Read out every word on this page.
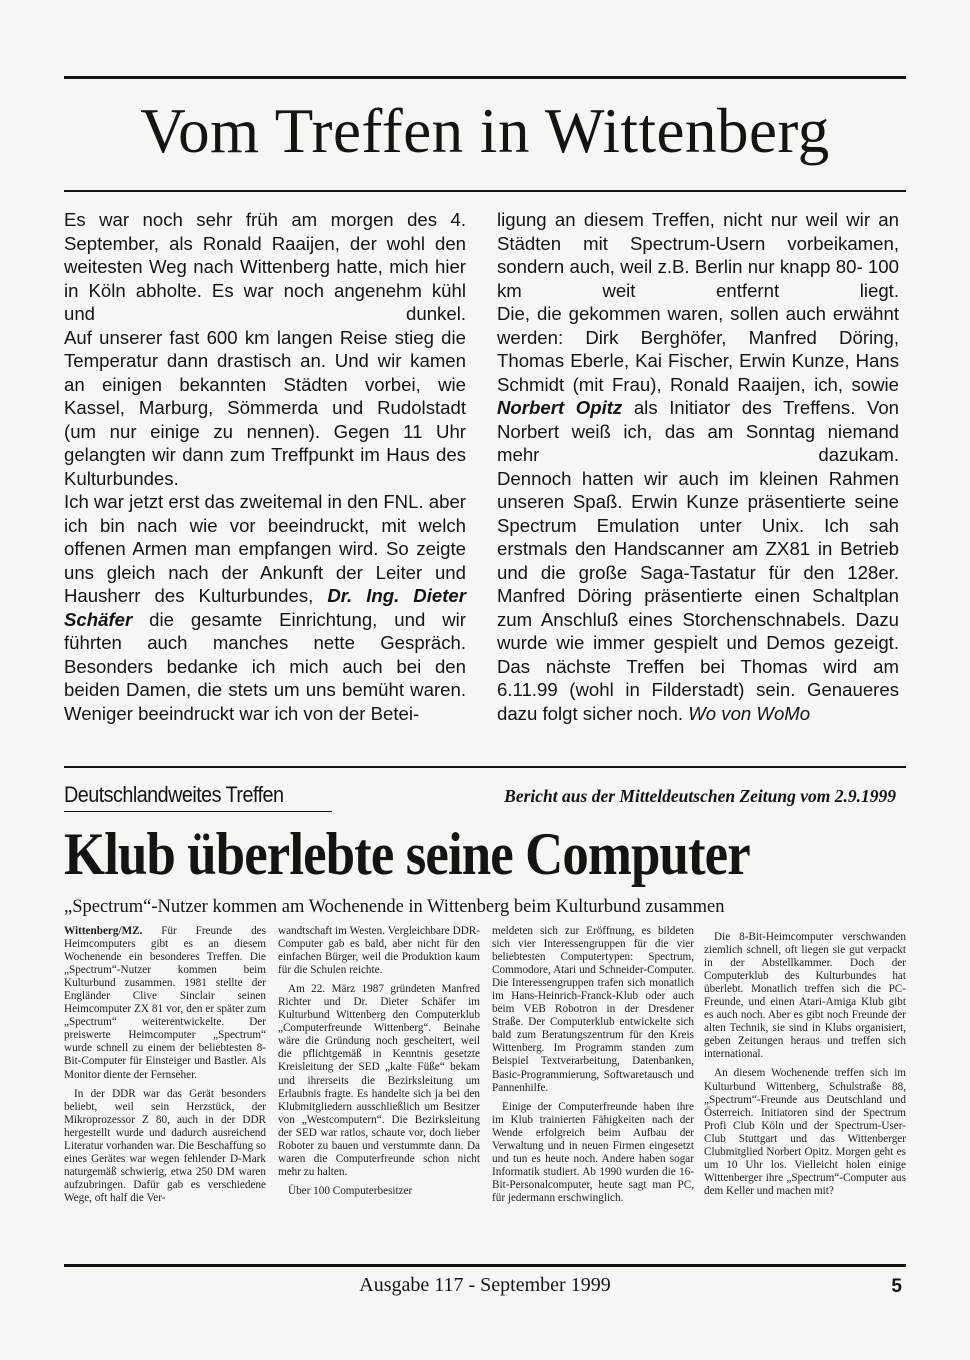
Vom Treffen in Wittenberg

Es war noch sehr früh am morgen des 4. September, als Ronald Raaijen, der wohl den weitesten Weg nach Wittenberg hatte, mich hier in Köln abholte. Es war noch angenehm kühl und dunkel.

Auf unserer fast 600 km langen Reise stieg die Temperatur dann drastisch an. Und wir kamen an einigen bekannten Städten vorbei, wie Kassel, Marburg, Sömmerda und Rudolstadt (um nur einige zu nennen). Gegen 11 Uhr gelangten wir dann zum Treffpunkt im Haus des Kulturbundes.

Ich war jetzt erst das zweitemal in den FNL. aber ich bin nach wie vor beeindruckt, mit welch offenen Armen man empfangen wird. So zeigte uns gleich nach der Ankunft der Leiter und Hausherr des Kulturbundes, Dr. Ing. Dieter Schäfer die gesamte Einrichtung, und wir führten auch manches nette Gespräch. Besonders bedanke ich mich auch bei den beiden Damen, die stets um uns bemüht waren.

Weniger beeindruckt war ich von der Betei-

ligung an diesem Treffen, nicht nur weil wir an Städten mit Spectrum-Usern vorbeikamen, sondern auch, weil z.B. Berlin nur knapp 80- 100 km weit entfernt liegt.

Die, die gekommen waren, sollen auch erwähnt werden: Dirk Berghöfer, Manfred Döring, Thomas Eberle, Kai Fischer, Erwin Kunze, Hans Schmidt (mit Frau), Ronald Raaijen, ich, sowie Norbert Opitz als Initiator des Treffens. Von Norbert weiß ich, das am Sonntag niemand mehr dazukam.

Dennoch hatten wir auch im kleinen Rahmen unseren Spaß. Erwin Kunze präsentierte seine Spectrum Emulation unter Unix. Ich sah erstmals den Handscanner am ZX81 in Betrieb und die große Saga-Tastatur für den 128er. Manfred Döring präsentierte einen Schaltplan zum Anschluß eines Storchenschnabels. Dazu wurde wie immer gespielt und Demos gezeigt.

Das nächste Treffen bei Thomas wird am 6.11.99 (wohl in Filderstadt) sein. Genaueres dazu folgt sicher noch. Wo von WoMo

Deutschlandweites Treffen	Bericht aus der Mitteldeutschen Zeitung vom 2.9.1999

Klub überlebte seine Computer

„Spectrum“-Nutzer kommen am Wochenende in Wittenberg beim Kulturbund zusammen

Wittenberg/MZ. Für Freunde des Heimcomputers gibt es an diesem Wochenende ein besonderes Treffen. Die „Spectrum“-Nutzer kommen beim Kulturbund zusammen. 1981 stellte der Engländer Clive Sinclair seinen Heimcomputer ZX 81 vor, den er später zum „Spectrum“ weiterentwickelte. Der preiswerte Heimcomputer „Spectrum“ wurde schnell zu einem der beliebtesten 8-Bit-Computer für Einsteiger und Bastler. Als Monitor diente der Fernseher.

In der DDR war das Gerät besonders beliebt, weil sein Herzstück, der Mikroprozessor Z 80, auch in der DDR hergestellt wurde und dadurch ausreichend Literatur vorhanden war. Die Beschaffung so eines Gerätes war wegen fehlender D-Mark naturgemäß schwierig, etwa 250 DM waren aufzubringen. Dafür gab es verschiedene Wege, oft half die Ver-

wandtschaft im Westen. Vergleichbare DDR-Computer gab es bald, aber nicht für den einfachen Bürger, weil die Produktion kaum für die Schulen reichte.

Am 22. März 1987 gründeten Manfred Richter und Dr. Dieter Schäfer im Kulturbund Wittenberg den Computerklub „Computerfreunde Wittenberg“. Beinahe wäre die Gründung noch gescheitert, weil die pflichtgemäß in Kenntnis gesetzte Kreisleitung der SED „kalte Füße“ bekam und ihrerseits die Bezirksleitung um Erlaubnis fragte. Es handelte sich ja bei den Klubmitgliedern ausschließlich um Besitzer von „Westcomputern“. Die Bezirksleitung der SED war ratlos, schaute vor, doch lieber Roboter zu bauen und verstummte dann. Da waren die Computerfreunde schon nicht mehr zu halten.

Über 100 Computerbesitzer

meldeten sich zur Eröffnung, es bildeten sich vier Interessengruppen für die vier beliebtesten Computertypen: Spectrum, Commodore, Atari und Schneider-Computer. Die Interessengruppen trafen sich monatlich im Hans-Heinrich-Franck-Klub oder auch beim VEB Robotron in der Dresdener Straße. Der Computerklub entwickelte sich bald zum Beratungszentrum für den Kreis Wittenberg. Im Programm standen zum Beispiel Textverarbeitung, Datenbanken, Basic-Programmierung, Softwaretausch und Pannenhilfe.

Einige der Computerfreunde haben ihre im Klub trainierten Fähigkeiten nach der Wende erfolgreich beim Aufbau der Verwaltung und in neuen Firmen eingesetzt und tun es heute noch. Andere haben sogar Informatik studiert. Ab 1990 wurden die 16-Bit-Personalcomputer, heute sagt man PC, für jedermann erschwinglich.

Die 8-Bit-Heimcomputer verschwanden ziemlich schnell, oft liegen sie gut verpackt in der Abstellkammer. Doch der Computerklub des Kulturbundes hat überlebt. Monatlich treffen sich die PC-Freunde, und einen Atari-Amiga Klub gibt es auch noch. Aber es gibt noch Freunde der alten Technik, sie sind in Klubs organisiert, geben Zeitungen heraus und treffen sich international.

An diesem Wochenende treffen sich im Kulturbund Wittenberg, Schulstraße 88, „Spectrum“-Freunde aus Deutschland und Österreich. Initiatoren sind der Spectrum Profi Club Köln und der Spectrum-User-Club Stuttgart und das Wittenberger Clubmitglied Norbert Opitz. Morgen geht es um 10 Uhr los. Vielleicht holen einige Wittenberger ihre „Spectrum“-Computer aus dem Keller und machen mit?

Ausgabe 117 - September 1999	5
